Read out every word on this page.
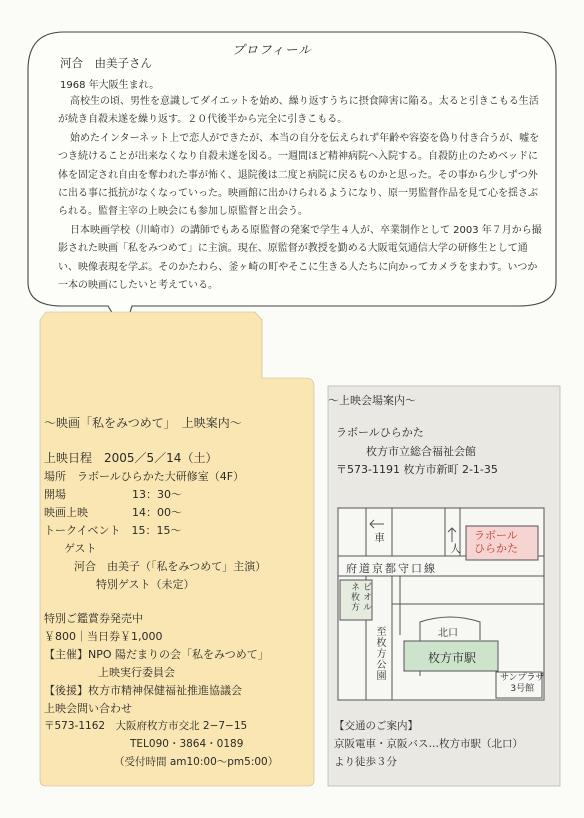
プロフィール
河合　由美子さん
1968 年大阪生まれ。

高校生の頃、男性を意識してダイエットを始め、繰り返すうちに摂食障害に陥る。太ると引きこもる生活が続き自殺未遂を繰り返す。２０代後半から完全に引きこもる。

始めたインターネット上で恋人ができたが、本当の自分を伝えられず年齢や容姿を偽り付き合うが、嘘をつき続けることが出来なくなり自殺未遂を図る。一週間ほど精神病院へ入院する。自殺防止のためベッドに体を固定され自由を奪われた事が怖く、退院後は二度と病院に戻るものかと思った。その事から少しずつ外に出る事に抵抗がなくなっていった。映画館に出かけられるようになり、原一男監督作品を見て心を揺さぶられる。監督主宰の上映会にも参加し原監督と出会う。

日本映画学校（川崎市）の講師でもある原監督の発案で学生４人が、卒業制作として 2003 年７月から撮影された映画「私をみつめて」に主演。現在、原監督が教授を勤める大阪電気通信大学の研修生として通い、映像表現を学ぶ。そのかたわら、釜ヶ崎の町やそこに生きる人たちに向かってカメラをまわす。いつか一本の映画にしたいと考えている。

〜映画「私をみつめて」　上映案内〜
上映日程　2005／5／14（土）
場所　ラボールひらかた大研修室（4F）
開場　　　　　　13：30〜
映画上映　　　　14：00〜
トークイベント　15：15〜
ゲスト
河合　由美子（「私をみつめて」主演）
特別ゲスト（未定）
特別ご鑑賞券発売中
￥800｜当日券￥1,000
【主催】NPO 陽だまりの会「私をみつめて」
上映実行委員会
【後援】枚方市精神保健福祉推進協議会
上映会問い合わせ
〒573-1162　大阪府枚方市交北 2−7−15
TEL090・3864・0189
（受付時間 am10:00〜pm5:00）
〜上映会場案内〜
ラボールひらかた
枚方市立総合福祉会館
〒573-1191 枚方市新町 2-1-35
車
人
ラボール
ひらかた
府道京都守口線
ビオルネ枚方
至枚方公園	北口
枚方市駅
サンプラザ
3号館
【交通のご案内】
京阪電車・京阪バス…枚方市駅（北口）
より徒歩３分
